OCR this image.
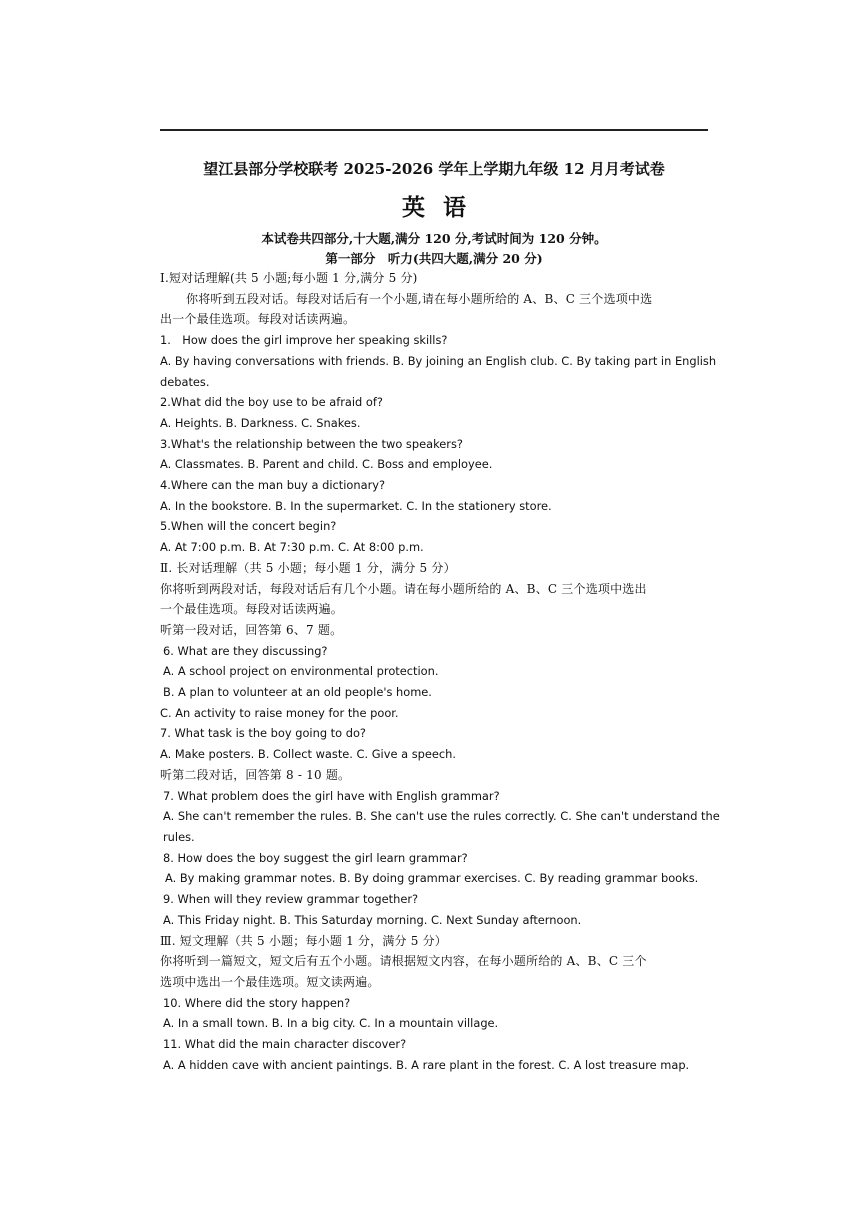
望江县部分学校联考 2025-2026 学年上学期九年级 12 月月考试卷
英语
本试卷共四部分,十大题,满分 120 分,考试时间为 120 分钟。
第一部分　听力(共四大题,满分 20 分)

Ⅰ.短对话理解(共 5 小题;每小题 1 分,满分 5 分)

你将听到五段对话。每段对话后有一个小题,请在每小题所给的 A、B、C 三个选项中选

出一个最佳选项。每段对话读两遍。

1.　How does the girl improve her speaking skills?

A. By having conversations with friends. B. By joining an English club. C. By taking part in English

debates.

2.What did the boy use to be afraid of?

A. Heights. B. Darkness. C. Snakes.

3.What's the relationship between the two speakers?

A. Classmates. B. Parent and child. C. Boss and employee.

4.Where can the man buy a dictionary?

A. In the bookstore. B. In the supermarket. C. In the stationery store.

5.When will the concert begin?

A. At 7:00 p.m. B. At 7:30 p.m. C. At 8:00 p.m.

Ⅱ. 长对话理解（共 5 小题；每小题 1 分，满分 5 分）

你将听到两段对话，每段对话后有几个小题。请在每小题所给的 A、B、C 三个选项中选出

一个最佳选项。每段对话读两遍。

听第一段对话，回答第 6、7 题。

6. What are they discussing?

A. A school project on environmental protection.

B. A plan to volunteer at an old people's home.

C. An activity to raise money for the poor.

7. What task is the boy going to do?

A. Make posters. B. Collect waste. C. Give a speech.

听第二段对话，回答第 8 - 10 题。

7. What problem does the girl have with English grammar?

A. She can't remember the rules. B. She can't use the rules correctly. C. She can't understand the

rules.

8. How does the boy suggest the girl learn grammar?

A. By making grammar notes. B. By doing grammar exercises. C. By reading grammar books.

9. When will they review grammar together?

A. This Friday night. B. This Saturday morning. C. Next Sunday afternoon.

Ⅲ. 短文理解（共 5 小题；每小题 1 分，满分 5 分）

你将听到一篇短文，短文后有五个小题。请根据短文内容，在每小题所给的 A、B、C 三个

选项中选出一个最佳选项。短文读两遍。

10. Where did the story happen?

A. In a small town. B. In a big city. C. In a mountain village.

11. What did the main character discover?

A. A hidden cave with ancient paintings. B. A rare plant in the forest. C. A lost treasure map.
